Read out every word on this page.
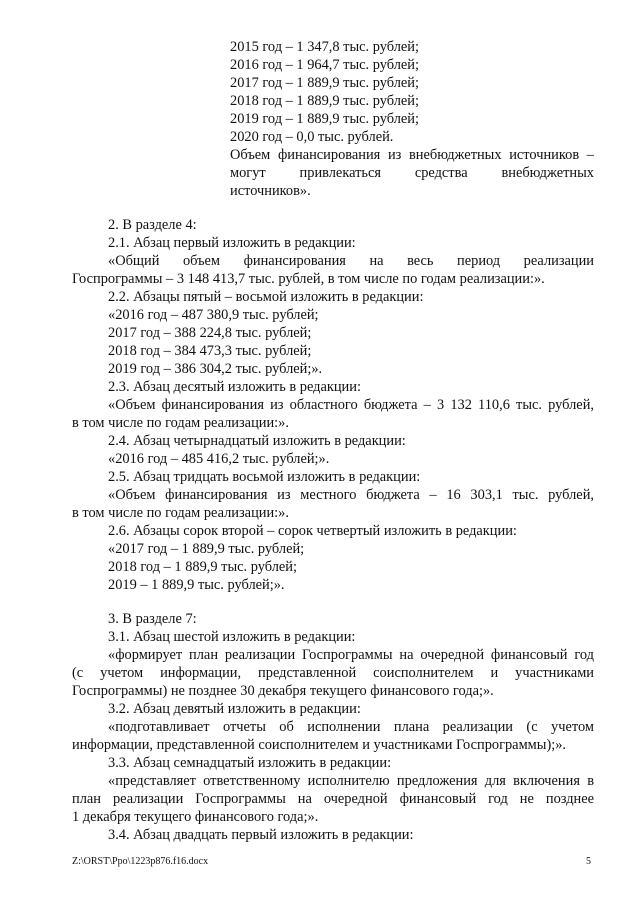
2015 год – 1 347,8 тыс. рублей;
2016 год – 1 964,7 тыс. рублей;
2017 год – 1 889,9 тыс. рублей;
2018 год – 1 889,9 тыс. рублей;
2019 год – 1 889,9 тыс. рублей;
2020 год – 0,0 тыс. рублей.
Объем финансирования из внебюджетных источников –
могут привлекаться средства внебюджетных
источников».
2. В разделе 4:
2.1. Абзац первый изложить в редакции:
«Общий объем финансирования на весь период реализации
Госпрограммы – 3 148 413,7 тыс. рублей, в том числе по годам реализации:».
2.2. Абзацы пятый – восьмой изложить в редакции:
«2016 год – 487 380,9 тыс. рублей;
2017 год – 388 224,8 тыс. рублей;
2018 год – 384 473,3 тыс. рублей;
2019 год – 386 304,2 тыс. рублей;».
2.3. Абзац десятый изложить в редакции:
«Объем финансирования из областного бюджета – 3 132 110,6 тыс. рублей,
в том числе по годам реализации:».
2.4. Абзац четырнадцатый изложить в редакции:
«2016 год – 485 416,2 тыс. рублей;».
2.5. Абзац тридцать восьмой изложить в редакции:
«Объем финансирования из местного бюджета – 16 303,1 тыс. рублей,
в том числе по годам реализации:».
2.6. Абзацы сорок второй – сорок четвертый изложить в редакции:
«2017 год – 1 889,9 тыс. рублей;
2018 год – 1 889,9 тыс. рублей;
2019 – 1 889,9 тыс. рублей;».
3. В разделе 7:
3.1. Абзац шестой изложить в редакции:
«формирует план реализации Госпрограммы на очередной финансовый год
(с учетом информации, представленной соисполнителем и участниками
Госпрограммы) не позднее 30 декабря текущего финансового года;».
3.2. Абзац девятый изложить в редакции:
«подготавливает отчеты об исполнении плана реализации (с учетом
информации, представленной соисполнителем и участниками Госпрограммы);».
3.3. Абзац семнадцатый изложить в редакции:
«представляет ответственному исполнителю предложения для включения в
план реализации Госпрограммы на очередной финансовый год не позднее
1 декабря текущего финансового года;».
3.4. Абзац двадцать первый изложить в редакции:
Z:\ORST\Ppo\1223p876.f16.docx	5
